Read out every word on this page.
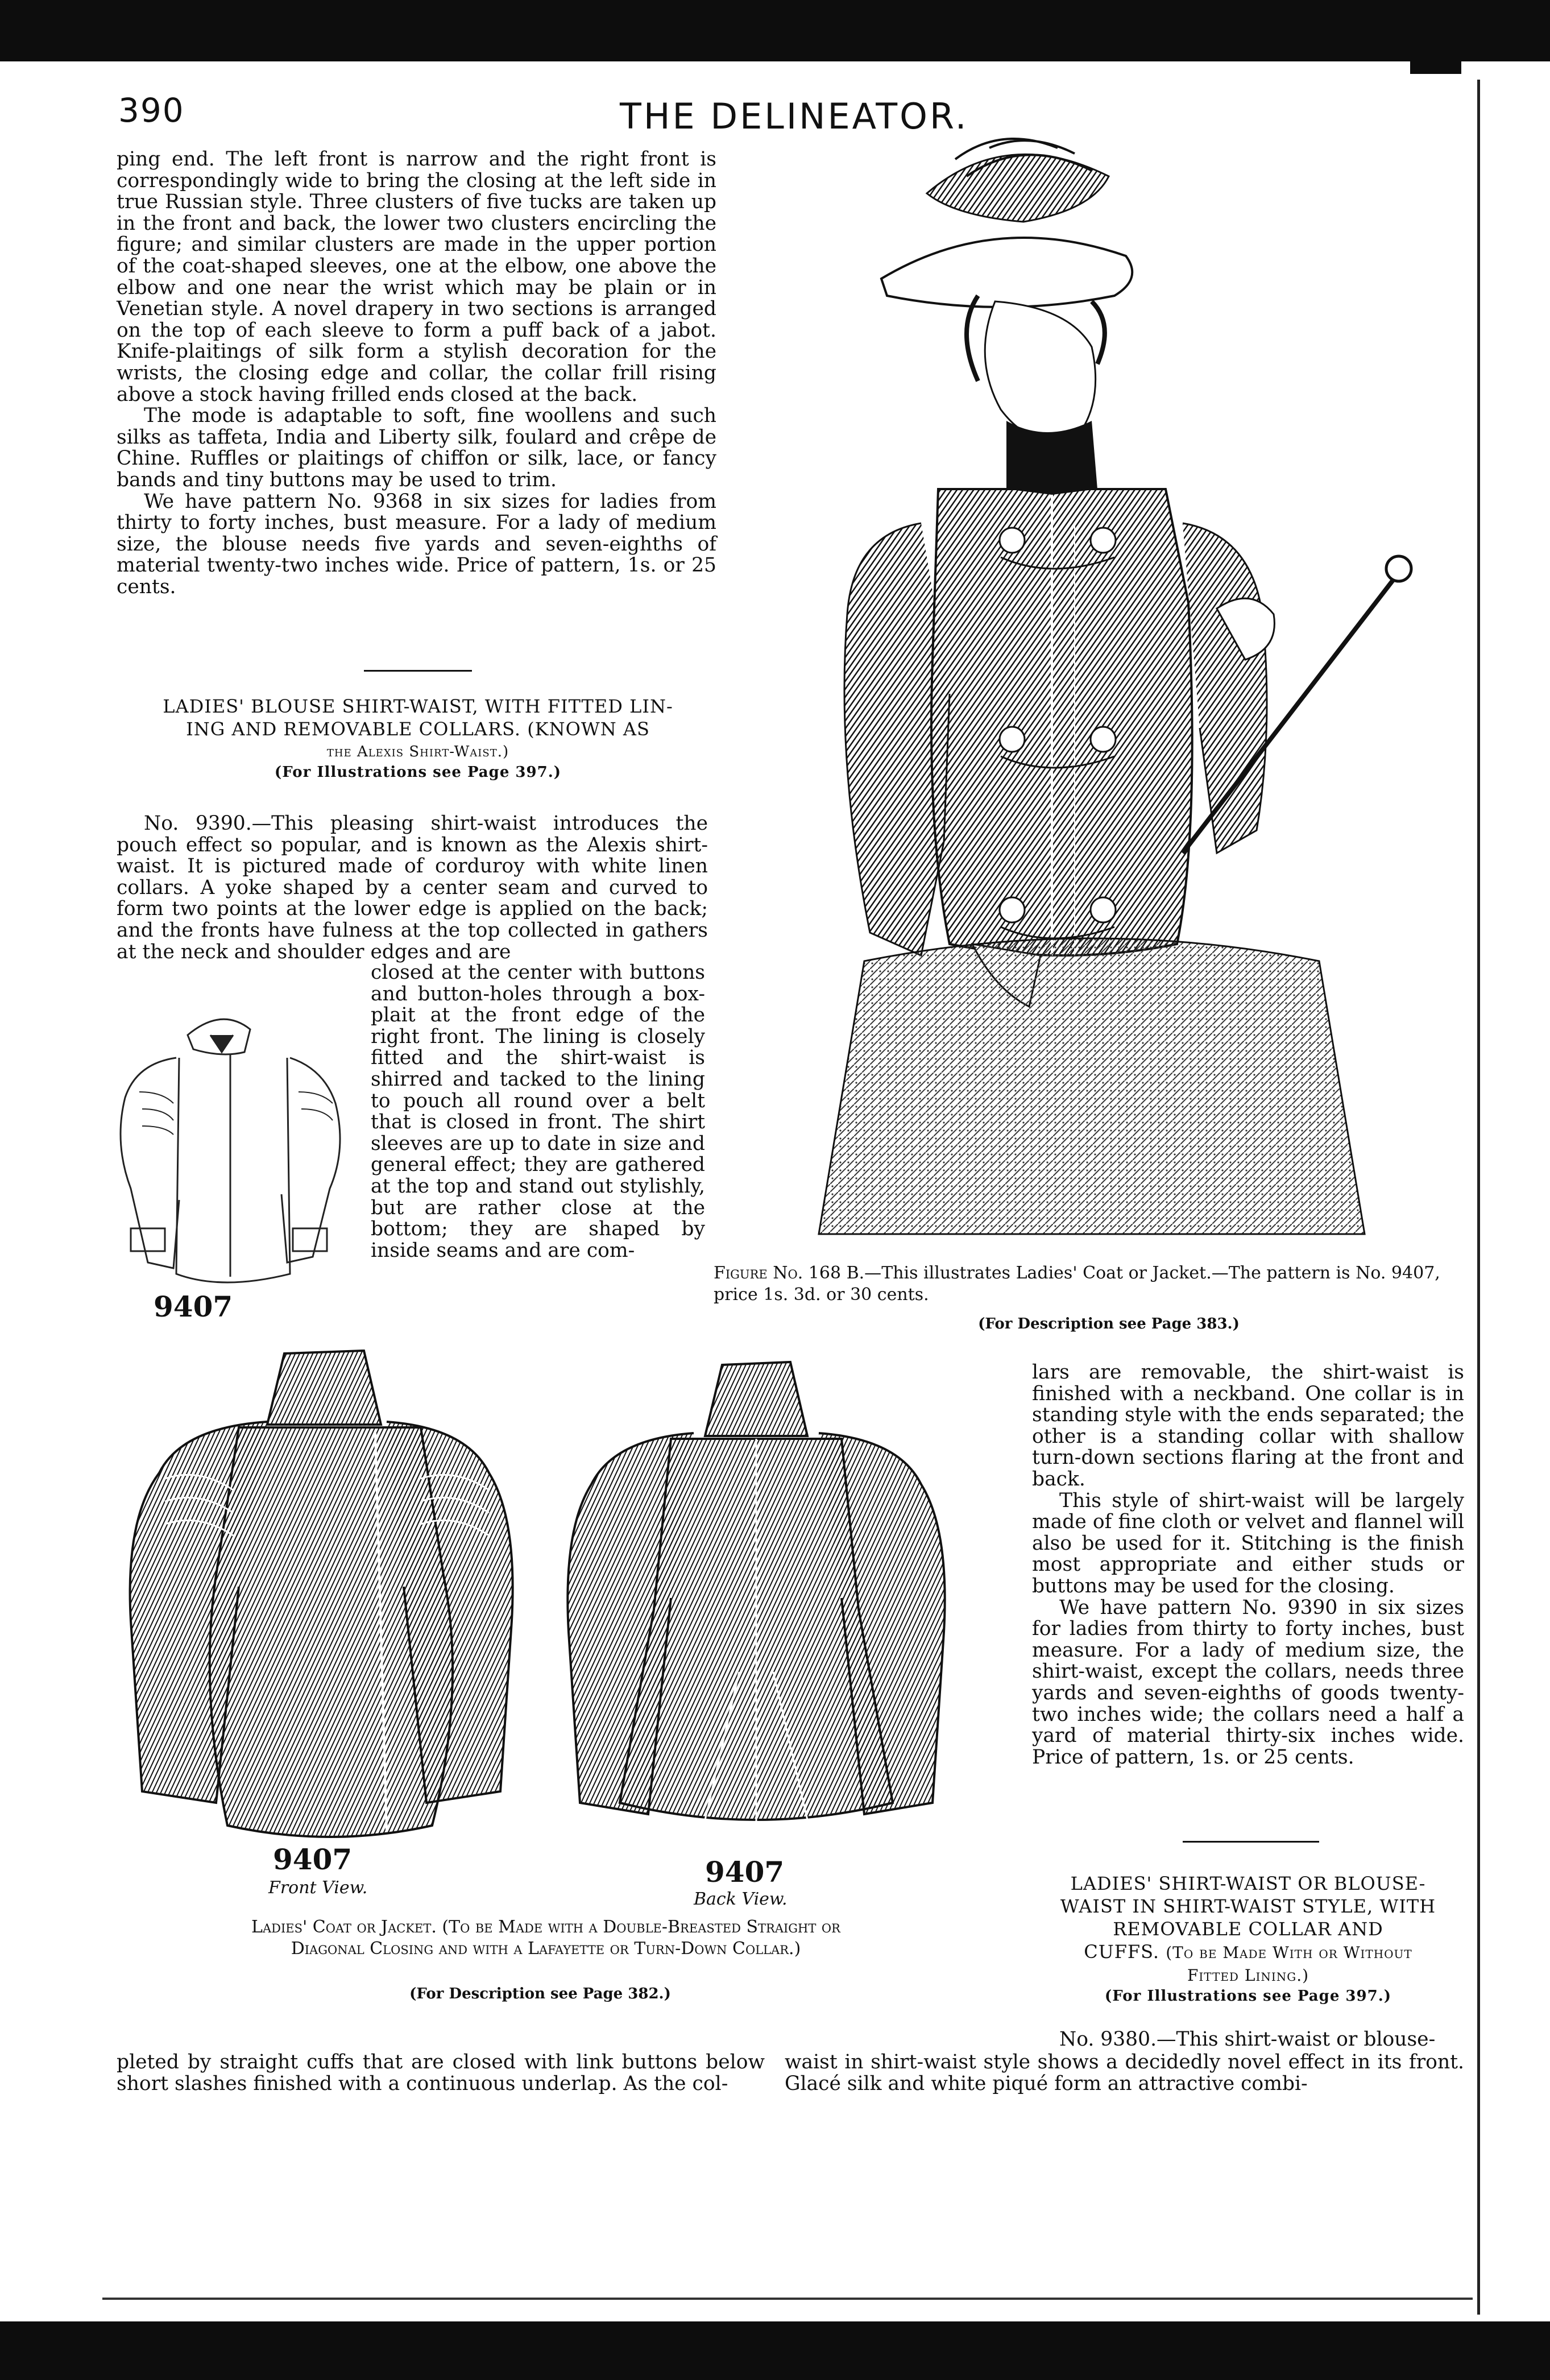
390	THE DELINEATOR.

ping end. The left front is narrow and the right front is correspondingly wide to bring the closing at the left side in true Russian style. Three clusters of five tucks are taken up in the front and back, the lower two clusters encircling the figure; and similar clusters are made in the upper portion of the coat-shaped sleeves, one at the elbow, one above the elbow and one near the wrist which may be plain or in Venetian style. A novel drapery in two sections is arranged on the top of each sleeve to form a puff back of a jabot. Knife-plaitings of silk form a stylish decoration for the wrists, the closing edge and collar, the collar frill rising above a stock having frilled ends closed at the back.

The mode is adaptable to soft, fine woollens and such silks as taffeta, India and Liberty silk, foulard and crêpe de Chine. Ruffles or plaitings of chiffon or silk, lace, or fancy bands and tiny buttons may be used to trim.

We have pattern No. 9368 in six sizes for ladies from thirty to forty inches, bust measure. For a lady of medium size, the blouse needs five yards and seven-eighths of material twenty-two inches wide. Price of pattern, 1s. or 25 cents.

LADIES' BLOUSE SHIRT-WAIST, WITH FITTED LIN-
ING AND REMOVABLE COLLARS. (KNOWN AS
the Alexis Shirt-Waist.)
(For Illustrations see Page 397.)
No. 9390.—This pleasing shirt-waist introduces the pouch effect so popular, and is known as the Alexis shirt-waist. It is pictured made of corduroy with white linen collars. A yoke shaped by a center seam and curved to form two points at the lower edge is applied on the back; and the fronts have fulness at the top collected in gathers at the neck and shoulder edges and are
closed at the center with buttons and button-holes through a box-plait at the front edge of the right front. The lining is closely fitted and the shirt-waist is shirred and tacked to the lining to pouch all round over a belt that is closed in front. The shirt sleeves are up to date in size and general effect; they are gathered at the top and stand out stylishly, but are rather close at the bottom; they are shaped by inside seams and are com-
9407
Figure No. 168 B.—This illustrates Ladies' Coat or Jacket.—The pattern is No. 9407, price 1s. 3d. or 30 cents.
(For Description see Page 383.)
9407
Front View.	9407
Back View.
Ladies' Coat or Jacket. (To be Made with a Double-Breasted Straight or
Diagonal Closing and with a Lafayette or Turn-Down Collar.)
(For Description see Page 382.)

lars are removable, the shirt-waist is finished with a neckband. One collar is in standing style with the ends separated; the other is a standing collar with shallow turn-down sections flaring at the front and back.

This style of shirt-waist will be largely made of fine cloth or velvet and flannel will also be used for it. Stitching is the finish most appropriate and either studs or buttons may be used for the closing.

We have pattern No. 9390 in six sizes for ladies from thirty to forty inches, bust measure. For a lady of medium size, the shirt-waist, except the collars, needs three yards and seven-eighths of goods twenty-two inches wide; the collars need a half a yard of material thirty-six inches wide. Price of pattern, 1s. or 25 cents.

LADIES' SHIRT-WAIST OR BLOUSE-
WAIST IN SHIRT-WAIST STYLE, WITH
REMOVABLE COLLAR AND
CUFFS. (To be Made With or Without
Fitted Lining.)
(For Illustrations see Page 397.)
No. 9380.—This shirt-waist or blouse-
pleted by straight cuffs that are closed with link buttons below short slashes finished with a continuous underlap. As the col-
waist in shirt-waist style shows a decidedly novel effect in its front. Glacé silk and white piqué form an attractive combi-
